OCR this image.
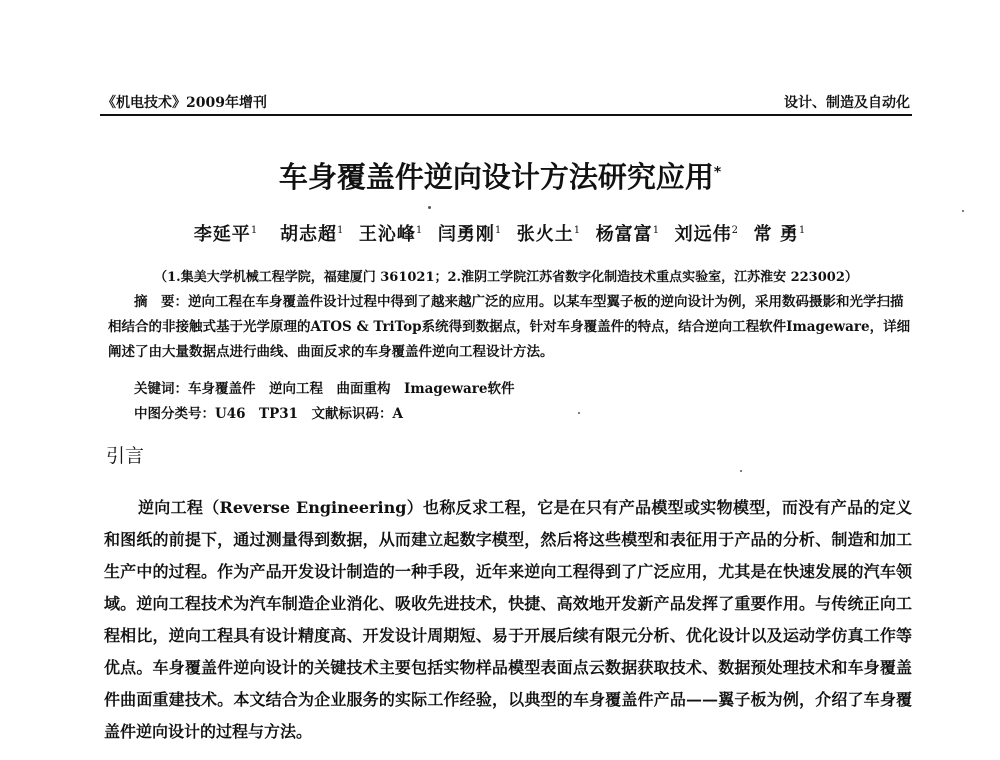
《机电技术》2009年增刊	设计、制造及自动化
车身覆盖件逆向设计方法研究应用*
李延平$^1$ 胡志超$^1$ 王沁峰$^1$ 闫勇刚$^1$ 张火土$^1$ 杨富富$^1$ 刘远伟$^2$ 常 勇$^1$
（1.集美大学机械工程学院，福建厦门 361021；2.淮阴工学院江苏省数字化制造技术重点实验室，江苏淮安 223002）
摘　要：逆向工程在车身覆盖件设计过程中得到了越来越广泛的应用。以某车型翼子板的逆向设计为例，采用数码摄影和光学扫描相结合的非接触式基于光学原理的ATOS & TriTop系统得到数据点，针对车身覆盖件的特点，结合逆向工程软件Imageware，详细阐述了由大量数据点进行曲线、曲面反求的车身覆盖件逆向工程设计方法。
关键词：车身覆盖件　逆向工程　曲面重构　Imageware软件
中图分类号：U46　TP31　文献标识码：A
引言

逆向工程（Reverse Engineering）也称反求工程，它是在只有产品模型或实物模型，而没有产品的定义和图纸的前提下，通过测量得到数据，从而建立起数字模型，然后将这些模型和表征用于产品的分析、制造和加工生产中的过程。作为产品开发设计制造的一种手段，近年来逆向工程得到了广泛应用，尤其是在快速发展的汽车领域。逆向工程技术为汽车制造企业消化、吸收先进技术，快捷、高效地开发新产品发挥了重要作用。与传统正向工程相比，逆向工程具有设计精度高、开发设计周期短、易于开展后续有限元分析、优化设计以及运动学仿真工作等优点。车身覆盖件逆向设计的关键技术主要包括实物样品模型表面点云数据获取技术、数据预处理技术和车身覆盖件曲面重建技术。本文结合为企业服务的实际工作经验，以典型的车身覆盖件产品——翼子板为例，介绍了车身覆盖件逆向设计的过程与方法。
